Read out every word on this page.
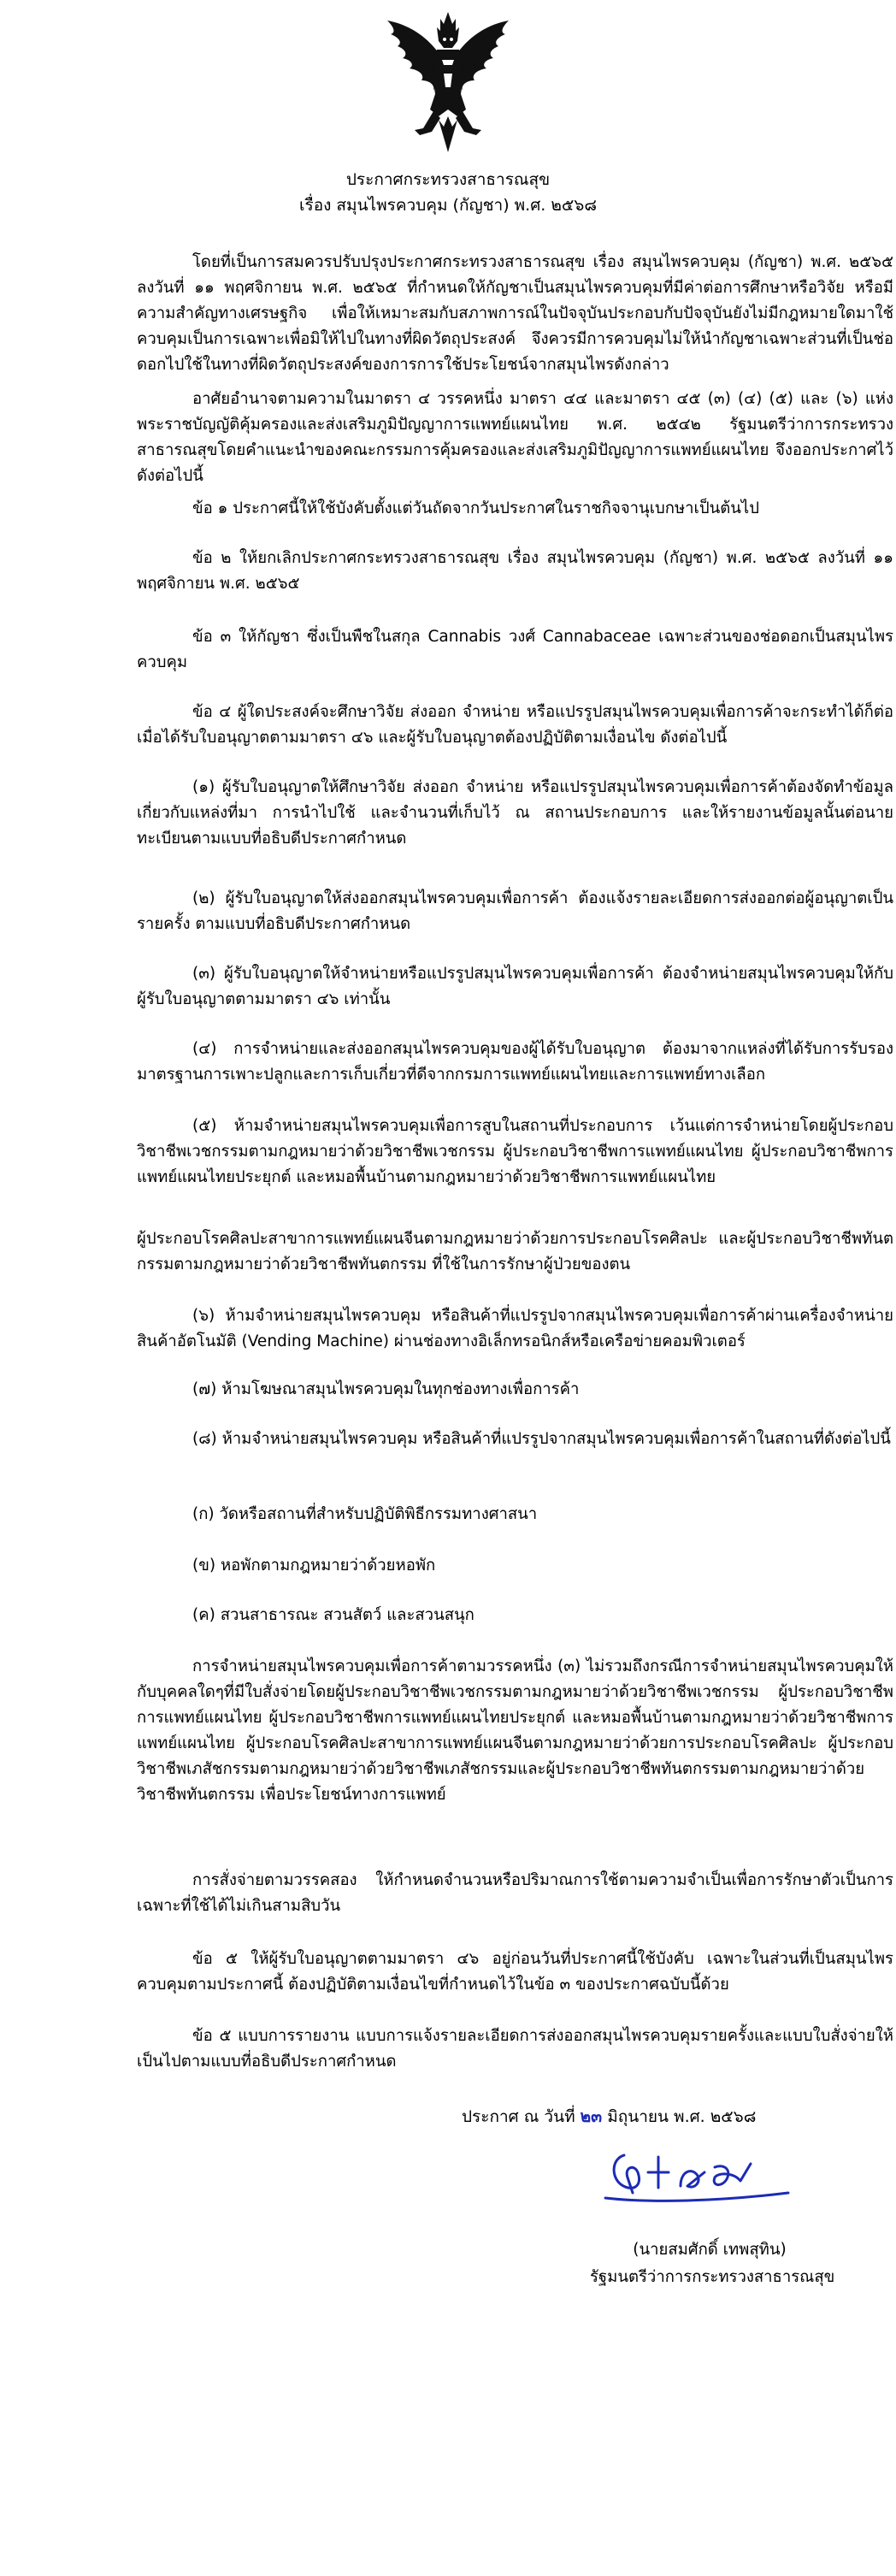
ประกาศกระทรวงสาธารณสุข
เรื่อง สมุนไพรควบคุม (กัญชา) พ.ศ. ๒๕๖๘
โดยที่เป็นการสมควรปรับปรุงประกาศกระทรวงสาธารณสุข เรื่อง สมุนไพรควบคุม (กัญชา) พ.ศ. ๒๕๖๕ ลงวันที่ ๑๑ พฤศจิกายน พ.ศ. ๒๕๖๕ ที่กำหนดให้กัญชาเป็นสมุนไพรควบคุมที่มีค่าต่อการศึกษาหรือวิจัย หรือมีความสำคัญทางเศรษฐกิจ เพื่อให้เหมาะสมกับสภาพการณ์ในปัจจุบันประกอบกับปัจจุบันยังไม่มีกฎหมายใดมาใช้ควบคุมเป็นการเฉพาะเพื่อมิให้ไปในทางที่ผิดวัตถุประสงค์ จึงควรมีการควบคุมไม่ให้นำกัญชาเฉพาะส่วนที่เป็นช่อดอกไปใช้ในทางที่ผิดวัตถุประสงค์ของการการใช้ประโยชน์จากสมุนไพรดังกล่าว
อาศัยอำนาจตามความในมาตรา ๔ วรรคหนึ่ง มาตรา ๔๔ และมาตรา ๔๕ (๓) (๔) (๕) และ (๖) แห่งพระราชบัญญัติคุ้มครองและส่งเสริมภูมิปัญญาการแพทย์แผนไทย พ.ศ. ๒๕๔๒ รัฐมนตรีว่าการกระทรวงสาธารณสุขโดยคำแนะนำของคณะกรรมการคุ้มครองและส่งเสริมภูมิปัญญาการแพทย์แผนไทย จึงออกประกาศไว้ดังต่อไปนี้
ข้อ ๑ ประกาศนี้ให้ใช้บังคับตั้งแต่วันถัดจากวันประกาศในราชกิจจานุเบกษาเป็นต้นไป
ข้อ ๒ ให้ยกเลิกประกาศกระทรวงสาธารณสุข เรื่อง สมุนไพรควบคุม (กัญชา) พ.ศ. ๒๕๖๕ ลงวันที่ ๑๑ พฤศจิกายน พ.ศ. ๒๕๖๕
ข้อ ๓ ให้กัญชา ซึ่งเป็นพืชในสกุล Cannabis วงศ์ Cannabaceae เฉพาะส่วนของช่อดอกเป็นสมุนไพรควบคุม
ข้อ ๔ ผู้ใดประสงค์จะศึกษาวิจัย ส่งออก จำหน่าย หรือแปรรูปสมุนไพรควบคุมเพื่อการค้าจะกระทำได้ก็ต่อเมื่อได้รับใบอนุญาตตามมาตรา ๔๖ และผู้รับใบอนุญาตต้องปฏิบัติตามเงื่อนไข ดังต่อไปนี้
(๑) ผู้รับใบอนุญาตให้ศึกษาวิจัย ส่งออก จำหน่าย หรือแปรรูปสมุนไพรควบคุมเพื่อการค้าต้องจัดทำข้อมูลเกี่ยวกับแหล่งที่มา การนำไปใช้ และจำนวนที่เก็บไว้ ณ สถานประกอบการ และให้รายงานข้อมูลนั้นต่อนายทะเบียนตามแบบที่อธิบดีประกาศกำหนด
(๒) ผู้รับใบอนุญาตให้ส่งออกสมุนไพรควบคุมเพื่อการค้า ต้องแจ้งรายละเอียดการส่งออกต่อผู้อนุญาตเป็นรายครั้ง ตามแบบที่อธิบดีประกาศกำหนด
(๓) ผู้รับใบอนุญาตให้จำหน่ายหรือแปรรูปสมุนไพรควบคุมเพื่อการค้า ต้องจำหน่ายสมุนไพรควบคุมให้กับผู้รับใบอนุญาตตามมาตรา ๔๖ เท่านั้น
(๔) การจำหน่ายและส่งออกสมุนไพรควบคุมของผู้ได้รับใบอนุญาต ต้องมาจากแหล่งที่ได้รับการรับรองมาตรฐานการเพาะปลูกและการเก็บเกี่ยวที่ดีจากกรมการแพทย์แผนไทยและการแพทย์ทางเลือก
(๕) ห้ามจำหน่ายสมุนไพรควบคุมเพื่อการสูบในสถานที่ประกอบการ เว้นแต่การจำหน่ายโดยผู้ประกอบวิชาชีพเวชกรรมตามกฎหมายว่าด้วยวิชาชีพเวชกรรม ผู้ประกอบวิชาชีพการแพทย์แผนไทย ผู้ประกอบวิชาชีพการแพทย์แผนไทยประยุกต์ และหมอพื้นบ้านตามกฎหมายว่าด้วยวิชาชีพการแพทย์แผนไทย
ผู้ประกอบโรคศิลปะสาขาการแพทย์แผนจีนตามกฎหมายว่าด้วยการประกอบโรคศิลปะ และผู้ประกอบวิชาชีพทันตกรรมตามกฎหมายว่าด้วยวิชาชีพทันตกรรม ที่ใช้ในการรักษาผู้ป่วยของตน
(๖) ห้ามจำหน่ายสมุนไพรควบคุม หรือสินค้าที่แปรรูปจากสมุนไพรควบคุมเพื่อการค้าผ่านเครื่องจำหน่ายสินค้าอัตโนมัติ (Vending Machine) ผ่านช่องทางอิเล็กทรอนิกส์หรือเครือข่ายคอมพิวเตอร์
(๗) ห้ามโฆษณาสมุนไพรควบคุมในทุกช่องทางเพื่อการค้า
(๘) ห้ามจำหน่ายสมุนไพรควบคุม หรือสินค้าที่แปรรูปจากสมุนไพรควบคุมเพื่อการค้าในสถานที่ดังต่อไปนี้
(ก) วัดหรือสถานที่สำหรับปฏิบัติพิธีกรรมทางศาสนา
(ข) หอพักตามกฎหมายว่าด้วยหอพัก
(ค) สวนสาธารณะ สวนสัตว์ และสวนสนุก
การจำหน่ายสมุนไพรควบคุมเพื่อการค้าตามวรรคหนึ่ง (๓) ไม่รวมถึงกรณีการจำหน่ายสมุนไพรควบคุมให้กับบุคคลใดๆที่มีใบสั่งจ่ายโดยผู้ประกอบวิชาชีพเวชกรรมตามกฎหมายว่าด้วยวิชาชีพเวชกรรม ผู้ประกอบวิชาชีพการแพทย์แผนไทย ผู้ประกอบวิชาชีพการแพทย์แผนไทยประยุกต์ และหมอพื้นบ้านตามกฎหมายว่าด้วยวิชาชีพการแพทย์แผนไทย ผู้ประกอบโรคศิลปะสาขาการแพทย์แผนจีนตามกฎหมายว่าด้วยการประกอบโรคศิลปะ ผู้ประกอบวิชาชีพเภสัชกรรมตามกฎหมายว่าด้วยวิชาชีพเภสัชกรรมและผู้ประกอบวิชาชีพทันตกรรมตามกฎหมายว่าด้วยวิชาชีพทันตกรรม เพื่อประโยชน์ทางการแพทย์
การสั่งจ่ายตามวรรคสอง ให้กำหนดจำนวนหรือปริมาณการใช้ตามความจำเป็นเพื่อการรักษาตัวเป็นการเฉพาะที่ใช้ได้ไม่เกินสามสิบวัน
ข้อ ๕ ให้ผู้รับใบอนุญาตตามมาตรา ๔๖ อยู่ก่อนวันที่ประกาศนี้ใช้บังคับ เฉพาะในส่วนที่เป็นสมุนไพรควบคุมตามประกาศนี้ ต้องปฏิบัติตามเงื่อนไขที่กำหนดไว้ในข้อ ๓ ของประกาศฉบับนี้ด้วย
ข้อ ๕ แบบการรายงาน แบบการแจ้งรายละเอียดการส่งออกสมุนไพรควบคุมรายครั้งและแบบใบสั่งจ่ายให้เป็นไปตามแบบที่อธิบดีประกาศกำหนด
ประกาศ ณ วันที่ ๒๓ มิถุนายน พ.ศ. ๒๕๖๘
(นายสมศักดิ์ เทพสุทิน)
รัฐมนตรีว่าการกระทรวงสาธารณสุข
